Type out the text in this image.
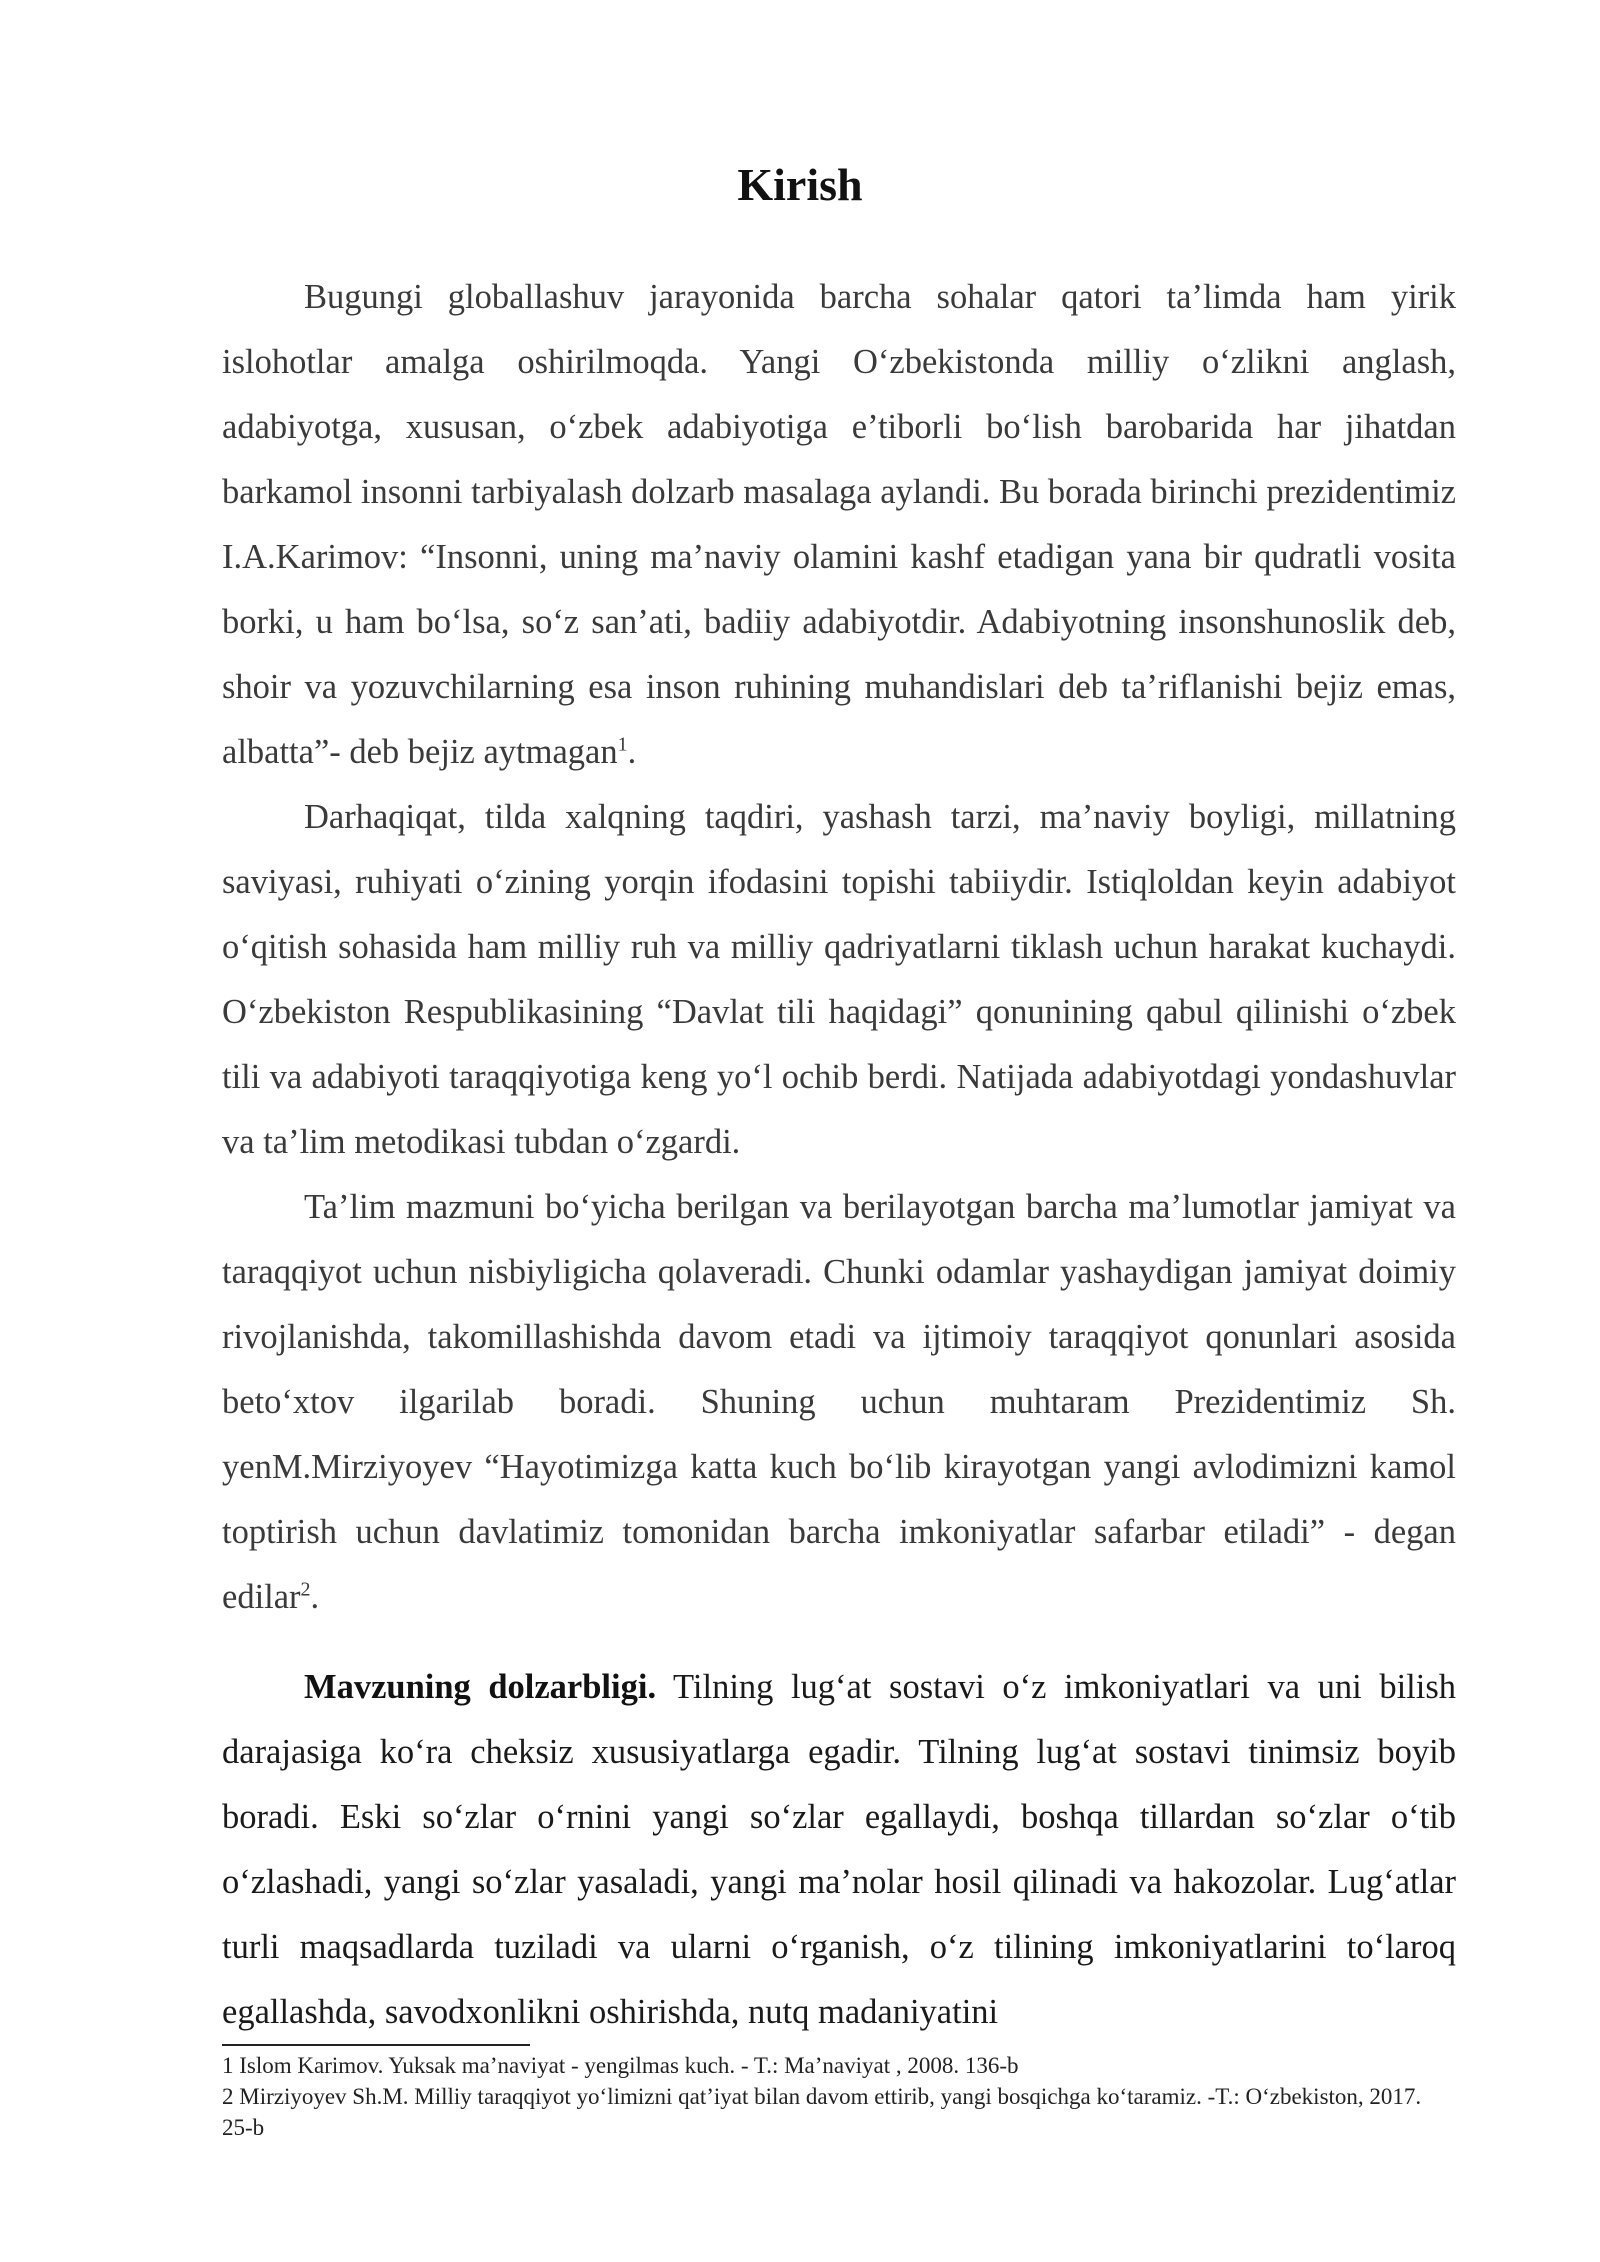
Kirish

Bugungi globallashuv jarayonida barcha sohalar qatori ta’limda ham yirik islohotlar amalga oshirilmoqda. Yangi O‘zbekistonda milliy o‘zlikni anglash, adabiyotga, xususan, o‘zbek adabiyotiga e’tiborli bo‘lish barobarida har jihatdan barkamol insonni tarbiyalash dolzarb masalaga aylandi. Bu borada birinchi prezidentimiz I.A.Karimov: “Insonni, uning ma’naviy olamini kashf etadigan yana bir qudratli vosita borki, u ham bo‘lsa, so‘z san’ati, badiiy adabiyotdir. Adabiyotning insonshunoslik deb, shoir va yozuvchilarning esa inson ruhining muhandislari deb ta’riflanishi bejiz emas, albatta”- deb bejiz aytmagan$^1$.

Darhaqiqat, tilda xalqning taqdiri, yashash tarzi, ma’naviy boyligi, millatning saviyasi, ruhiyati o‘zining yorqin ifodasini topishi tabiiydir. Istiqloldan keyin adabiyot o‘qitish sohasida ham milliy ruh va milliy qadriyatlarni tiklash uchun harakat kuchaydi. O‘zbekiston Respublikasining “Davlat tili haqidagi” qonunining qabul qilinishi o‘zbek tili va adabiyoti taraqqiyotiga keng yo‘l ochib berdi. Natijada adabiyotdagi yondashuvlar va ta’lim metodikasi tubdan o‘zgardi.

Ta’lim mazmuni bo‘yicha berilgan va berilayotgan barcha ma’lumotlar jamiyat va taraqqiyot uchun nisbiyligicha qolaveradi. Chunki odamlar yashaydigan jamiyat doimiy rivojlanishda, takomillashishda davom etadi va ijtimoiy taraqqiyot qonunlari asosida beto‘xtov ilgarilab boradi. Shuning uchun muhtaram Prezidentimiz Sh. yenM.Mirziyoyev “Hayotimizga katta kuch bo‘lib kirayotgan yangi avlodimizni kamol toptirish uchun davlatimiz tomonidan barcha imkoniyatlar safarbar etiladi” - degan edilar$^2$.

Mavzuning dolzarbligi. Tilning lug‘at sostavi o‘z imkoniyatlari va uni bilish darajasiga ko‘ra cheksiz xususiyatlarga egadir. Tilning lug‘at sostavi tinimsiz boyib boradi. Eski so‘zlar o‘rnini yangi so‘zlar egallaydi, boshqa tillardan so‘zlar o‘tib o‘zlashadi, yangi so‘zlar yasaladi, yangi ma’nolar hosil qilinadi va hakozolar. Lug‘atlar turli maqsadlarda tuziladi va ularni o‘rganish, o‘z tilining imkoniyatlarini to‘laroq egallashda, savodxonlikni oshirishda, nutq madaniyatini

1 Islom Karimov. Yuksak ma’naviyat - yengilmas kuch. - T.: Ma’naviyat , 2008. 136-b

2 Mirziyoyev Sh.M. Milliy taraqqiyot yo‘limizni qat’iyat bilan davom ettirib, yangi bosqichga ko‘taramiz. -T.: O‘zbekiston, 2017. 25-b
